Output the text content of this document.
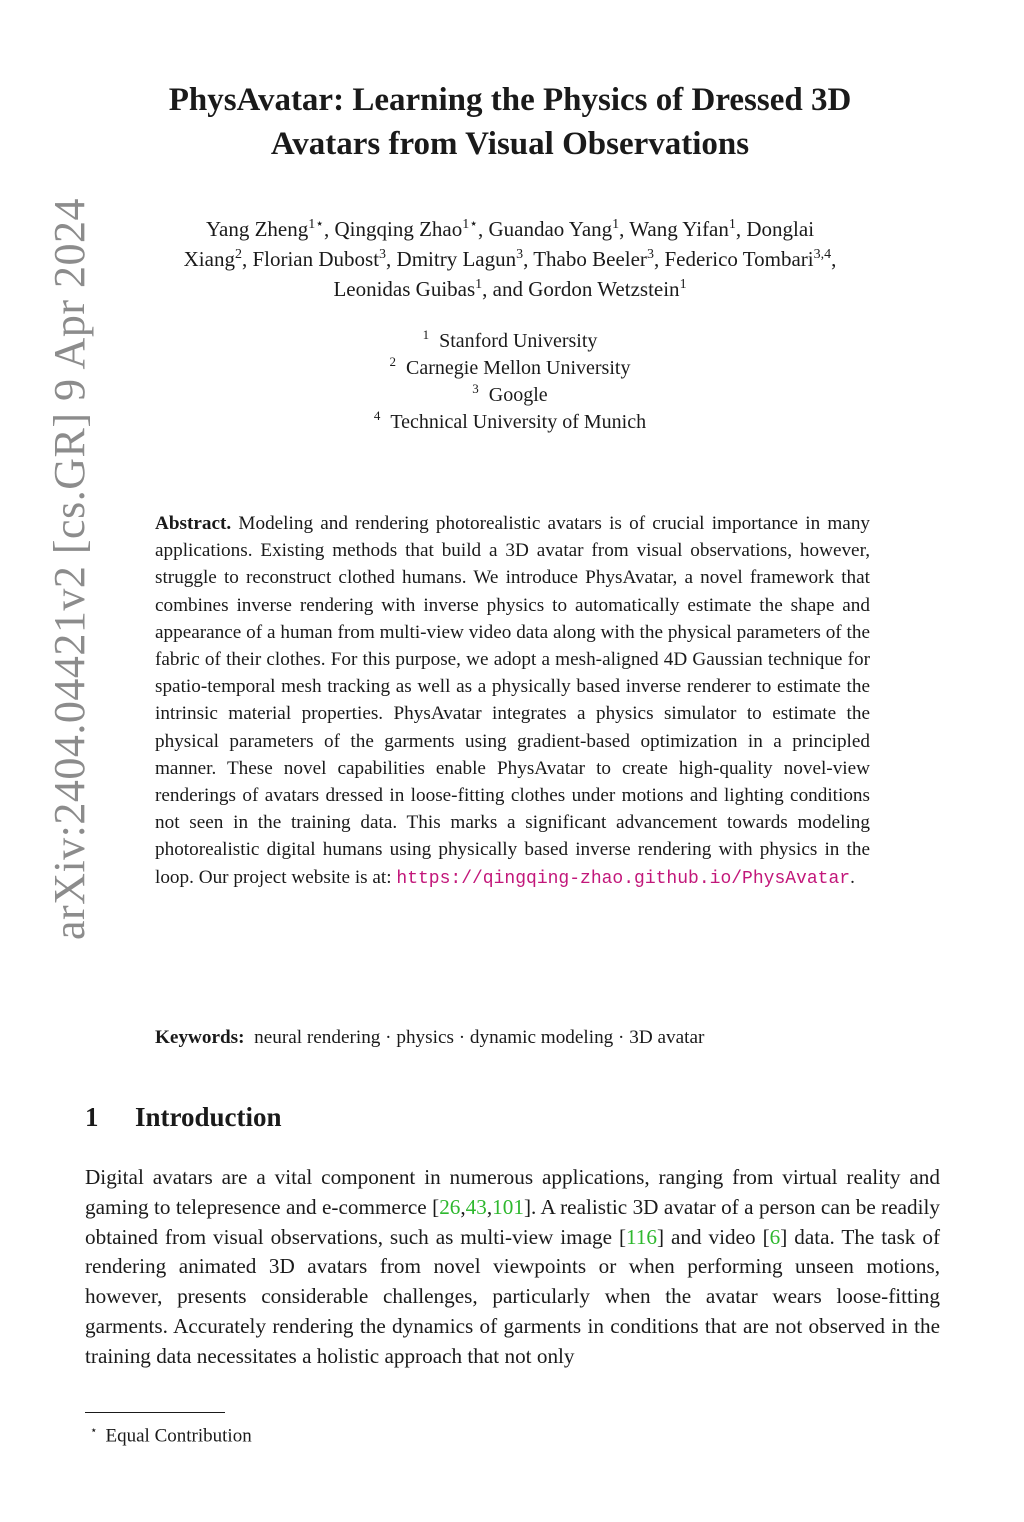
arXiv:2404.04421v2 [cs.GR] 9 Apr 2024
PhysAvatar: Learning the Physics of Dressed 3D
Avatars from Visual Observations

Yang Zheng$^{1⋆}$, Qingqing Zhao$^{1⋆}$, Guandao Yang$^1$, Wang Yifan$^1$, Donglai
Xiang$^2$, Florian Dubost$^3$, Dmitry Lagun$^3$, Thabo Beeler$^3$, Federico Tombari$^{3,4}$,
Leonidas Guibas$^1$, and Gordon Wetzstein$^1$

$^1$ Stanford University
$^2$ Carnegie Mellon University
$^3$ Google
$^4$ Technical University of Munich

Abstract. Modeling and rendering photorealistic avatars is of crucial importance in many applications. Existing methods that build a 3D avatar from visual observations, however, struggle to reconstruct clothed humans. We introduce PhysAvatar, a novel framework that combines inverse rendering with inverse physics to automatically estimate the shape and appearance of a human from multi-view video data along with the physical parameters of the fabric of their clothes. For this purpose, we adopt a mesh-aligned 4D Gaussian technique for spatio-temporal mesh tracking as well as a physically based inverse renderer to estimate the intrinsic material properties. PhysAvatar integrates a physics simulator to estimate the physical parameters of the garments using gradient-based optimization in a principled manner. These novel capabilities enable PhysAvatar to create high-quality novel-view renderings of avatars dressed in loose-fitting clothes under motions and lighting conditions not seen in the training data. This marks a significant advancement towards modeling photorealistic digital humans using physically based inverse rendering with physics in the loop. Our project website is at: https://qingqing-zhao.github.io/PhysAvatar.

Keywords: neural rendering · physics · dynamic modeling · 3D avatar

1 Introduction

Digital avatars are a vital component in numerous applications, ranging from virtual reality and gaming to telepresence and e-commerce [26,43,101]. A realistic 3D avatar of a person can be readily obtained from visual observations, such as multi-view image [116] and video [6] data. The task of rendering animated 3D avatars from novel viewpoints or when performing unseen motions, however, presents considerable challenges, particularly when the avatar wears loose-fitting garments. Accurately rendering the dynamics of garments in conditions that are not observed in the training data necessitates a holistic approach that not only

⋆ Equal Contribution
